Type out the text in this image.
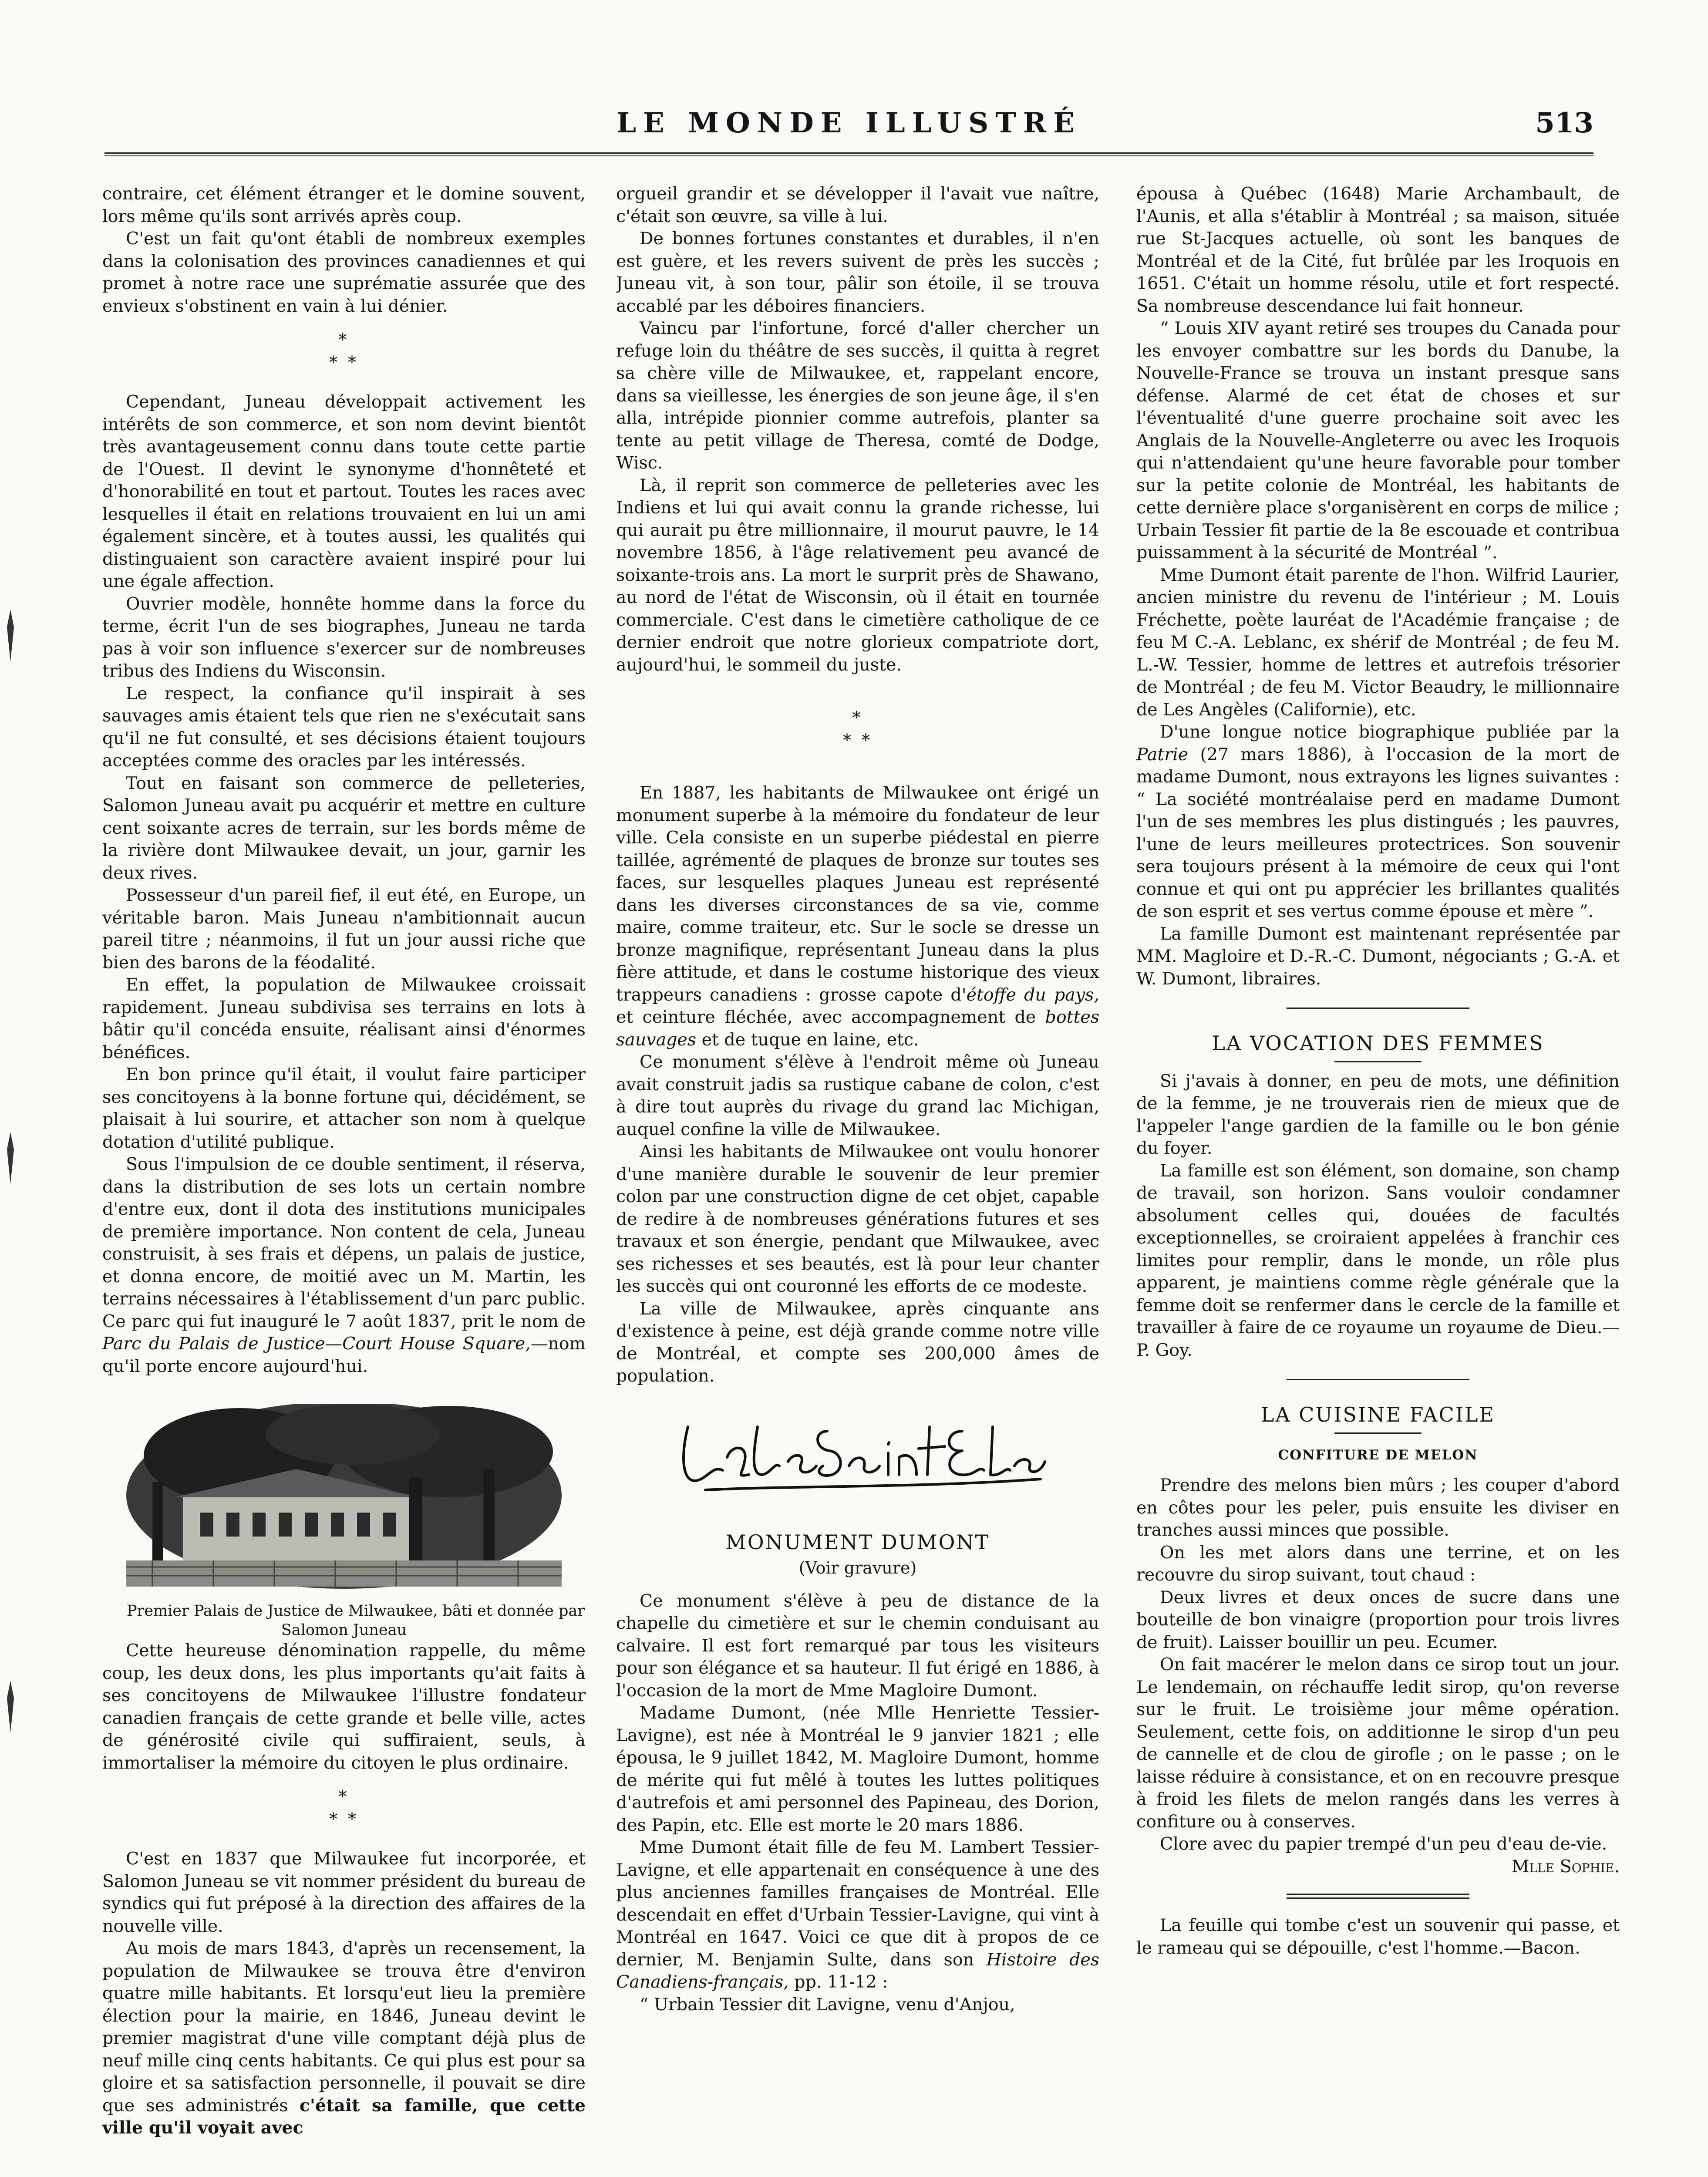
LE MONDE ILLUSTRÉ	513

contraire, cet élément étranger et le domine souvent, lors même qu'ils sont arrivés après coup.

C'est un fait qu'ont établi de nombreux exemples dans la colonisation des provinces canadiennes et qui promet à notre race une suprématie assurée que des envieux s'obstinent en vain à lui dénier.

*
* *

Cependant, Juneau développait activement les intérêts de son commerce, et son nom devint bientôt très avantageusement connu dans toute cette partie de l'Ouest. Il devint le synonyme d'honnêteté et d'honorabilité en tout et partout. Toutes les races avec lesquelles il était en relations trouvaient en lui un ami également sincère, et à toutes aussi, les qualités qui distinguaient son caractère avaient inspiré pour lui une égale affection.

Ouvrier modèle, honnête homme dans la force du terme, écrit l'un de ses biographes, Juneau ne tarda pas à voir son influence s'exercer sur de nombreuses tribus des Indiens du Wisconsin.

Le respect, la confiance qu'il inspirait à ses sauvages amis étaient tels que rien ne s'exécutait sans qu'il ne fut consulté, et ses décisions étaient toujours acceptées comme des oracles par les intéressés.

Tout en faisant son commerce de pelleteries, Salomon Juneau avait pu acquérir et mettre en culture cent soixante acres de terrain, sur les bords même de la rivière dont Milwaukee devait, un jour, garnir les deux rives.

Possesseur d'un pareil fief, il eut été, en Europe, un véritable baron. Mais Juneau n'ambitionnait aucun pareil titre ; néanmoins, il fut un jour aussi riche que bien des barons de la féodalité.

En effet, la population de Milwaukee croissait rapidement. Juneau subdivisa ses terrains en lots à bâtir qu'il concéda ensuite, réalisant ainsi d'énormes bénéfices.

En bon prince qu'il était, il voulut faire participer ses concitoyens à la bonne fortune qui, décidément, se plaisait à lui sourire, et attacher son nom à quelque dotation d'utilité publique.

Sous l'impulsion de ce double sentiment, il réserva, dans la distribution de ses lots un certain nombre d'entre eux, dont il dota des institutions municipales de première importance. Non content de cela, Juneau construisit, à ses frais et dépens, un palais de justice, et donna encore, de moitié avec un M. Martin, les terrains nécessaires à l'établissement d'un parc public. Ce parc qui fut inauguré le 7 août 1837, prit le nom de Parc du Palais de Justice—Court House Square,—nom qu'il porte encore aujourd'hui.

Premier Palais de Justice de Milwaukee, bâti et donnée par Salomon Juneau

Cette heureuse dénomination rappelle, du même coup, les deux dons, les plus importants qu'ait faits à ses concitoyens de Milwaukee l'illustre fondateur canadien français de cette grande et belle ville, actes de générosité civile qui suffiraient, seuls, à immortaliser la mémoire du citoyen le plus ordinaire.

*
* *

C'est en 1837 que Milwaukee fut incorporée, et Salomon Juneau se vit nommer président du bureau de syndics qui fut préposé à la direction des affaires de la nouvelle ville.

Au mois de mars 1843, d'après un recensement, la population de Milwaukee se trouva être d'environ quatre mille habitants. Et lorsqu'eut lieu la première élection pour la mairie, en 1846, Juneau devint le premier magistrat d'une ville comptant déjà plus de neuf mille cinq cents habitants. Ce qui plus est pour sa gloire et sa satisfaction personnelle, il pouvait se dire que ses administrés c'était sa famille, que cette ville qu'il voyait avec

orgueil grandir et se développer il l'avait vue naître, c'était son œuvre, sa ville à lui.

De bonnes fortunes constantes et durables, il n'en est guère, et les revers suivent de près les succès ; Juneau vit, à son tour, pâlir son étoile, il se trouva accablé par les déboires financiers.

Vaincu par l'infortune, forcé d'aller chercher un refuge loin du théâtre de ses succès, il quitta à regret sa chère ville de Milwaukee, et, rappelant encore, dans sa vieillesse, les énergies de son jeune âge, il s'en alla, intrépide pionnier comme autrefois, planter sa tente au petit village de Theresa, comté de Dodge, Wisc.

Là, il reprit son commerce de pelleteries avec les Indiens et lui qui avait connu la grande richesse, lui qui aurait pu être millionnaire, il mourut pauvre, le 14 novembre 1856, à l'âge relativement peu avancé de soixante-trois ans. La mort le surprit près de Shawano, au nord de l'état de Wisconsin, où il était en tournée commerciale. C'est dans le cimetière catholique de ce dernier endroit que notre glorieux compatriote dort, aujourd'hui, le sommeil du juste.

*
* *

En 1887, les habitants de Milwaukee ont érigé un monument superbe à la mémoire du fondateur de leur ville. Cela consiste en un superbe piédestal en pierre taillée, agrémenté de plaques de bronze sur toutes ses faces, sur lesquelles plaques Juneau est représenté dans les diverses circonstances de sa vie, comme maire, comme traiteur, etc. Sur le socle se dresse un bronze magnifique, représentant Juneau dans la plus fière attitude, et dans le costume historique des vieux trappeurs canadiens : grosse capote d'étoffe du pays, et ceinture fléchée, avec accompagnement de bottes sauvages et de tuque en laine, etc.

Ce monument s'élève à l'endroit même où Juneau avait construit jadis sa rustique cabane de colon, c'est à dire tout auprès du rivage du grand lac Michigan, auquel confine la ville de Milwaukee.

Ainsi les habitants de Milwaukee ont voulu honorer d'une manière durable le souvenir de leur premier colon par une construction digne de cet objet, capable de redire à de nombreuses générations futures et ses travaux et son énergie, pendant que Milwaukee, avec ses richesses et ses beautés, est là pour leur chanter les succès qui ont couronné les efforts de ce modeste.

La ville de Milwaukee, après cinquante ans d'existence à peine, est déjà grande comme notre ville de Montréal, et compte ses 200,000 âmes de population.

MONUMENT DUMONT
(Voir gravure)

Ce monument s'élève à peu de distance de la chapelle du cimetière et sur le chemin conduisant au calvaire. Il est fort remarqué par tous les visiteurs pour son élégance et sa hauteur. Il fut érigé en 1886, à l'occasion de la mort de Mme Magloire Dumont.

Madame Dumont, (née Mlle Henriette Tessier-Lavigne), est née à Montréal le 9 janvier 1821 ; elle épousa, le 9 juillet 1842, M. Magloire Dumont, homme de mérite qui fut mêlé à toutes les luttes politiques d'autrefois et ami personnel des Papineau, des Dorion, des Papin, etc. Elle est morte le 20 mars 1886.

Mme Dumont était fille de feu M. Lambert Tessier-Lavigne, et elle appartenait en conséquence à une des plus anciennes familles françaises de Montréal. Elle descendait en effet d'Urbain Tessier-Lavigne, qui vint à Montréal en 1647. Voici ce que dit à propos de ce dernier, M. Benjamin Sulte, dans son Histoire des Canadiens-français, pp. 11-12 :

“ Urbain Tessier dit Lavigne, venu d'Anjou,

épousa à Québec (1648) Marie Archambault, de l'Aunis, et alla s'établir à Montréal ; sa maison, située rue St-Jacques actuelle, où sont les banques de Montréal et de la Cité, fut brûlée par les Iroquois en 1651. C'était un homme résolu, utile et fort respecté. Sa nombreuse descendance lui fait honneur.

“ Louis XIV ayant retiré ses troupes du Canada pour les envoyer combattre sur les bords du Danube, la Nouvelle-France se trouva un instant presque sans défense. Alarmé de cet état de choses et sur l'éventualité d'une guerre prochaine soit avec les Anglais de la Nouvelle-Angleterre ou avec les Iroquois qui n'attendaient qu'une heure favorable pour tomber sur la petite colonie de Montréal, les habitants de cette dernière place s'organisèrent en corps de milice ; Urbain Tessier fit partie de la 8e escouade et contribua puissamment à la sécurité de Montréal ”.

Mme Dumont était parente de l'hon. Wilfrid Laurier, ancien ministre du revenu de l'intérieur ; M. Louis Fréchette, poète lauréat de l'Académie française ; de feu M C.-A. Leblanc, ex shérif de Montréal ; de feu M. L.-W. Tessier, homme de lettres et autrefois trésorier de Montréal ; de feu M. Victor Beaudry, le millionnaire de Les Angèles (Californie), etc.

D'une longue notice biographique publiée par la Patrie (27 mars 1886), à l'occasion de la mort de madame Dumont, nous extrayons les lignes suivantes : “ La société montréalaise perd en madame Dumont l'un de ses membres les plus distingués ; les pauvres, l'une de leurs meilleures protectrices. Son souvenir sera toujours présent à la mémoire de ceux qui l'ont connue et qui ont pu apprécier les brillantes qualités de son esprit et ses vertus comme épouse et mère ”.

La famille Dumont est maintenant représentée par MM. Magloire et D.-R.-C. Dumont, négociants ; G.-A. et W. Dumont, libraires.

LA VOCATION DES FEMMES

Si j'avais à donner, en peu de mots, une définition de la femme, je ne trouverais rien de mieux que de l'appeler l'ange gardien de la famille ou le bon génie du foyer.

La famille est son élément, son domaine, son champ de travail, son horizon. Sans vouloir condamner absolument celles qui, douées de facultés exceptionnelles, se croiraient appelées à franchir ces limites pour remplir, dans le monde, un rôle plus apparent, je maintiens comme règle générale que la femme doit se renfermer dans le cercle de la famille et travailler à faire de ce royaume un royaume de Dieu.—P. Goy.

LA CUISINE FACILE
CONFITURE DE MELON

Prendre des melons bien mûrs ; les couper d'abord en côtes pour les peler, puis ensuite les diviser en tranches aussi minces que possible.

On les met alors dans une terrine, et on les recouvre du sirop suivant, tout chaud :

Deux livres et deux onces de sucre dans une bouteille de bon vinaigre (proportion pour trois livres de fruit). Laisser bouillir un peu. Ecumer.

On fait macérer le melon dans ce sirop tout un jour. Le lendemain, on réchauffe ledit sirop, qu'on reverse sur le fruit. Le troisième jour même opération. Seulement, cette fois, on additionne le sirop d'un peu de cannelle et de clou de girofle ; on le passe ; on le laisse réduire à consistance, et on en recouvre presque à froid les filets de melon rangés dans les verres à confiture ou à conserves.

Clore avec du papier trempé d'un peu d'eau de-vie.

Mlle Sophie.

La feuille qui tombe c'est un souvenir qui passe, et le rameau qui se dépouille, c'est l'homme.—Bacon.
